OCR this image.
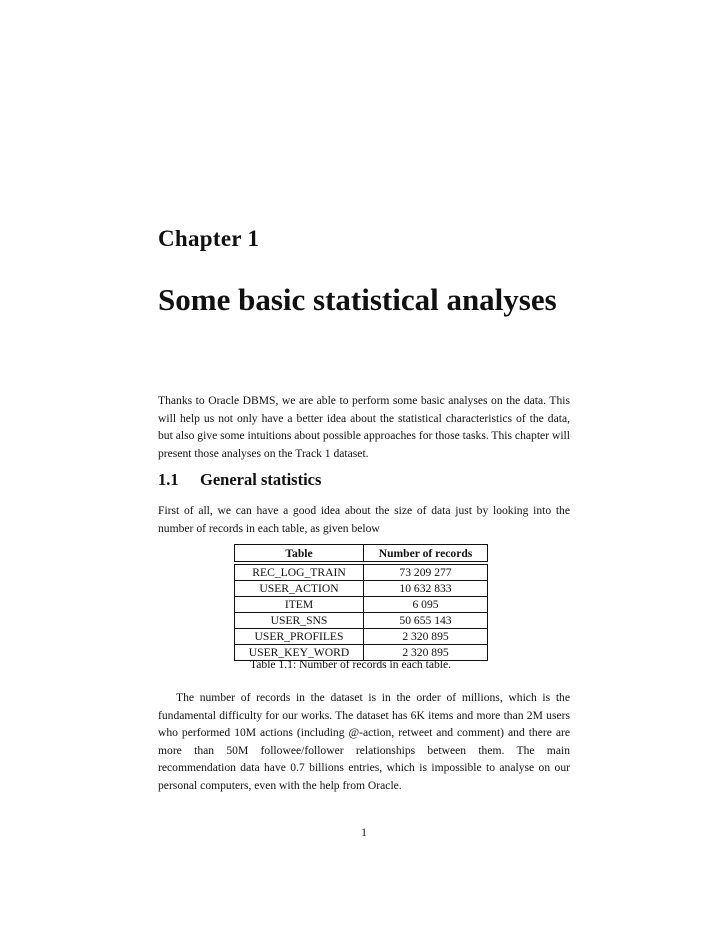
Chapter 1
Some basic statistical analyses

Thanks to Oracle DBMS, we are able to perform some basic analyses on the data. This will help us not only have a better idea about the statistical characteristics of the data, but also give some intuitions about possible approaches for those tasks. This chapter will present those analyses on the Track 1 dataset.

1.1 General statistics

First of all, we can have a good idea about the size of data just by looking into the number of records in each table, as given below

Table	Number of records

REC_LOG_TRAIN	73 209 277
USER_ACTION	10 632 833
ITEM	6 095
USER_SNS	50 655 143
USER_PROFILES	2 320 895
USER_KEY_WORD	2 320 895
Table 1.1: Number of records in each table.

The number of records in the dataset is in the order of millions, which is the fundamental difficulty for our works. The dataset has 6K items and more than 2M users who performed 10M actions (including @-action, retweet and comment) and there are more than 50M followee/follower relationships between them. The main recommendation data have 0.7 billions entries, which is impossible to analyse on our personal computers, even with the help from Oracle.

1
